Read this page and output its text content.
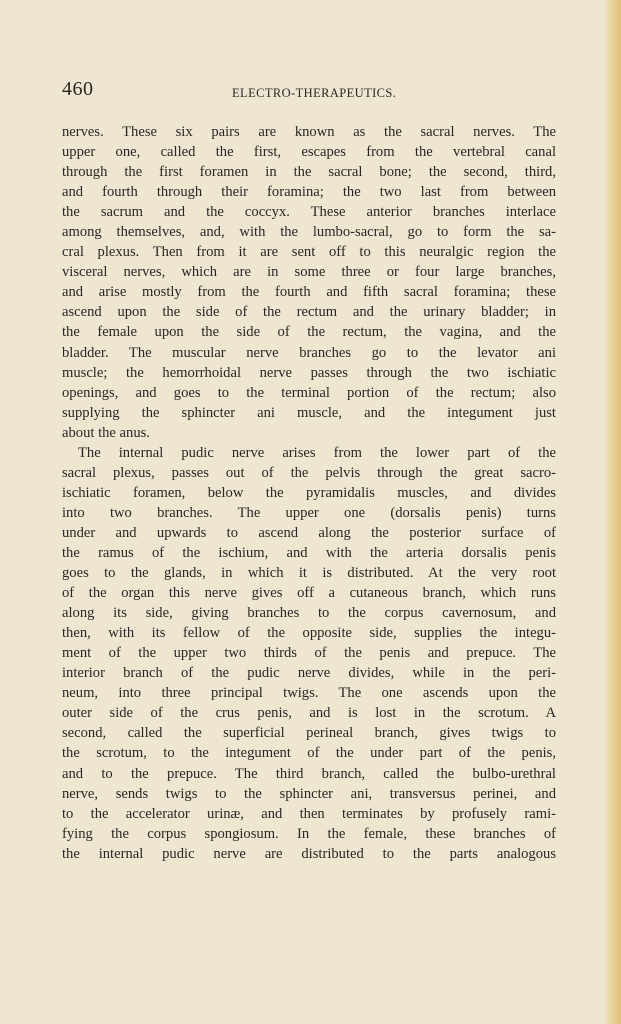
460	ELECTRO-THERAPEUTICS.
nerves. These six pairs are known as the sacral nerves. The
upper one, called the first, escapes from the vertebral canal
through the first foramen in the sacral bone; the second, third,
and fourth through their foramina; the two last from between
the sacrum and the coccyx. These anterior branches interlace
among themselves, and, with the lumbo-sacral, go to form the sa-
cral plexus. Then from it are sent off to this neuralgic region the
visceral nerves, which are in some three or four large branches,
and arise mostly from the fourth and fifth sacral foramina; these
ascend upon the side of the rectum and the urinary bladder; in
the female upon the side of the rectum, the vagina, and the
bladder. The muscular nerve branches go to the levator ani
muscle; the hemorrhoidal nerve passes through the two ischiatic
openings, and goes to the terminal portion of the rectum; also
supplying the sphincter ani muscle, and the integument just
about the anus.
The internal pudic nerve arises from the lower part of the
sacral plexus, passes out of the pelvis through the great sacro-
ischiatic foramen, below the pyramidalis muscles, and divides
into two branches. The upper one (dorsalis penis) turns
under and upwards to ascend along the posterior surface of
the ramus of the ischium, and with the arteria dorsalis penis
goes to the glands, in which it is distributed. At the very root
of the organ this nerve gives off a cutaneous branch, which runs
along its side, giving branches to the corpus cavernosum, and
then, with its fellow of the opposite side, supplies the integu-
ment of the upper two thirds of the penis and prepuce. The
interior branch of the pudic nerve divides, while in the peri-
neum, into three principal twigs. The one ascends upon the
outer side of the crus penis, and is lost in the scrotum. A
second, called the superficial perineal branch, gives twigs to
the scrotum, to the integument of the under part of the penis,
and to the prepuce. The third branch, called the bulbo-urethral
nerve, sends twigs to the sphincter ani, transversus perinei, and
to the accelerator urinæ, and then terminates by profusely rami-
fying the corpus spongiosum. In the female, these branches of
the internal pudic nerve are distributed to the parts analogous
